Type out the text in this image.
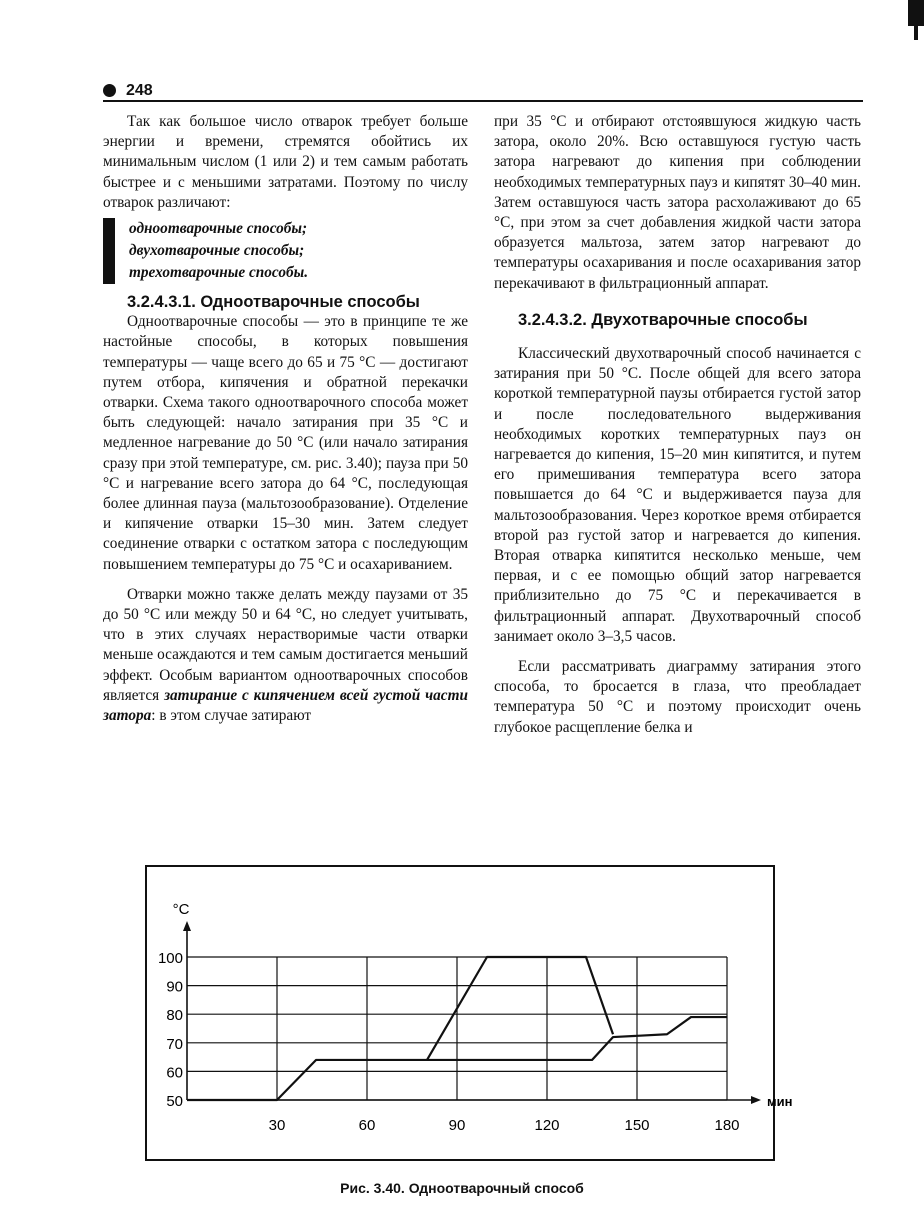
248

Так как большое число отварок требует больше энергии и времени, стремятся обойтись их минимальным числом (1 или 2) и тем самым работать быстрее и с меньшими затратами. Поэтому по числу отварок различают:

одноотварочные способы;
двухотварочные способы;
трехотварочные способы.

3.2.4.3.1. Одноотварочные способы

Одноотварочные способы — это в принципе те же настойные способы, в которых повышения температуры — чаще всего до 65 и 75 °С — достигают путем отбора, кипячения и обратной перекачки отварки. Схема такого одноотварочного способа может быть следующей: начало затирания при 35 °С и медленное нагревание до 50 °С (или начало затирания сразу при этой температуре, см. рис. 3.40); пауза при 50 °С и нагревание всего затора до 64 °С, последующая более длинная пауза (мальтозообразование). Отделение и кипячение отварки 15–30 мин. Затем следует соединение отварки с остатком затора с последующим повышением температуры до 75 °С и осахариванием.

Отварки можно также делать между паузами от 35 до 50 °С или между 50 и 64 °С, но следует учитывать, что в этих случаях нерастворимые части отварки меньше осаждаются и тем самым достигается меньший эффект. Особым вариантом одноотварочных способов является затирание с кипячением всей густой части затора: в этом случае затирают

при 35 °С и отбирают отстоявшуюся жидкую часть затора, около 20%. Всю оставшуюся густую часть затора нагревают до кипения при соблюдении необходимых температурных пауз и кипятят 30–40 мин. Затем оставшуюся часть затора расхолаживают до 65 °С, при этом за счет добавления жидкой части затора образуется мальтоза, затем затор нагревают до температуры осахаривания и после осахаривания затор перекачивают в фильтрационный аппарат.

3.2.4.3.2. Двухотварочные способы

Классический двухотварочный способ начинается с затирания при 50 °С. После общей для всего затора короткой температурной паузы отбирается густой затор и после последовательного выдерживания необходимых коротких температурных пауз он нагревается до кипения, 15–20 мин кипятится, и путем его примешивания температура всего затора повышается до 64 °С и выдерживается пауза для мальтозообразования. Через короткое время отбирается второй раз густой затор и нагревается до кипения. Вторая отварка кипятится несколько меньше, чем первая, и с ее помощью общий затор нагревается приблизительно до 75 °С и перекачивается в фильтрационный аппарат. Двухотварочный способ занимает около 3–3,5 часов.

Если рассматривать диаграмму затирания этого способа, то бросается в глаза, что преобладает температура 50 °С и поэтому происходит очень глубокое расщепление белка и

50
60
70
80
90
100
30	60	90	120	150	180
°С
мин
Рис. 3.40. Одноотварочный способ
